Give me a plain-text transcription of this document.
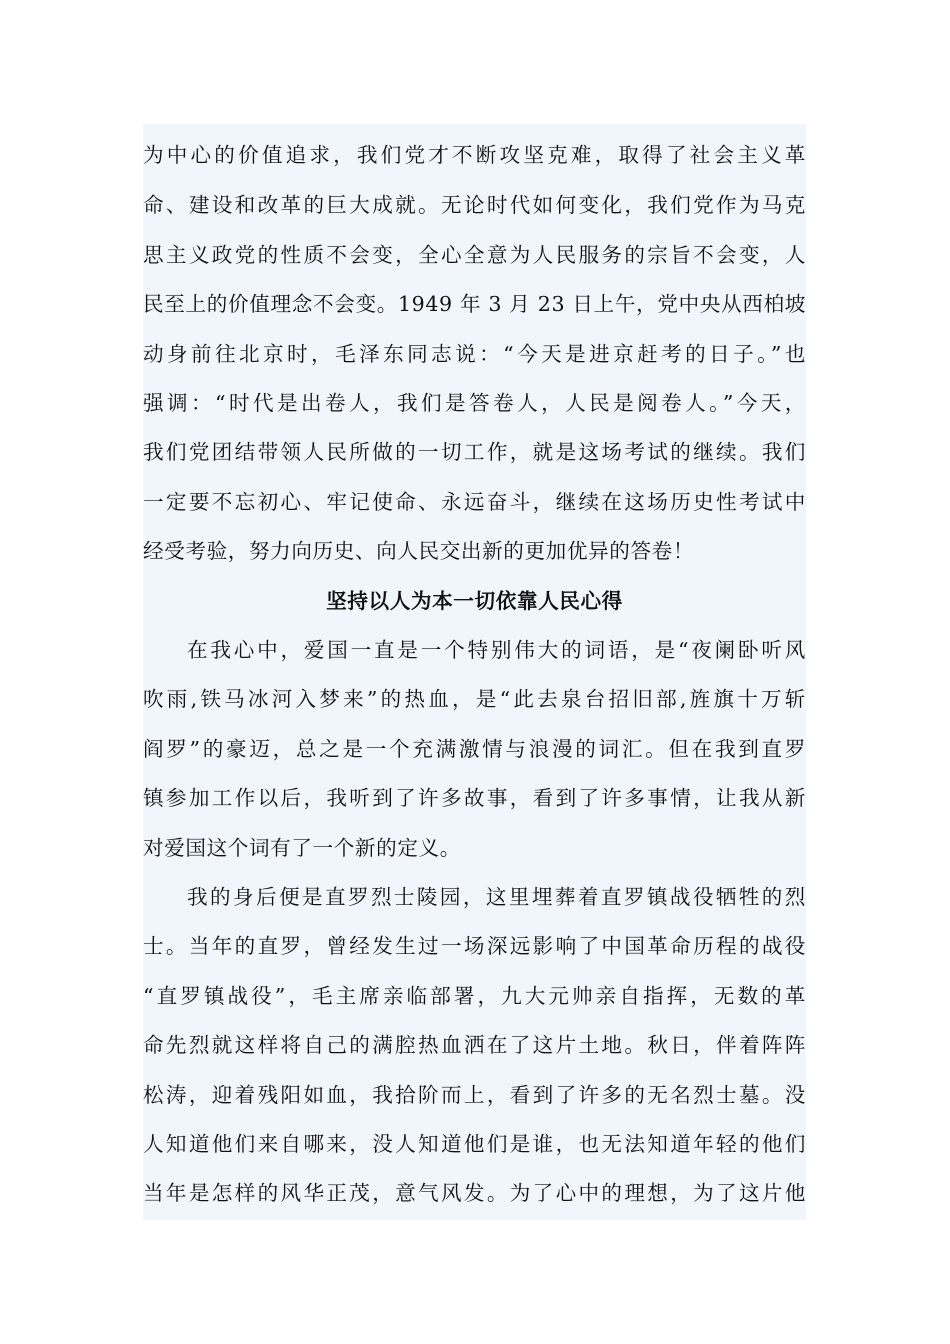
为中心的价值追求，我们党才不断攻坚克难，取得了社会主义革
命、建设和改革的巨大成就。无论时代如何变化，我们党作为马克
思主义政党的性质不会变，全心全意为人民服务的宗旨不会变，人
民至上的价值理念不会变。1949 年 3 月 23 日上午，党中央从西柏坡
动身前往北京时，毛泽东同志说：“今天是进京赶考的日子。”也
强调：“时代是出卷人，我们是答卷人，人民是阅卷人。”今天，
我们党团结带领人民所做的一切工作，就是这场考试的继续。我们
一定要不忘初心、牢记使命、永远奋斗，继续在这场历史性考试中
经受考验，努力向历史、向人民交出新的更加优异的答卷！
坚持以人为本一切依靠人民心得
在我心中，爱国一直是一个特别伟大的词语，是“夜阑卧听风
吹雨,铁马冰河入梦来”的热血，是“此去泉台招旧部,旌旗十万斩
阎罗”的豪迈，总之是一个充满激情与浪漫的词汇。但在我到直罗
镇参加工作以后，我听到了许多故事，看到了许多事情，让我从新
对爱国这个词有了一个新的定义。
我的身后便是直罗烈士陵园，这里埋葬着直罗镇战役牺牲的烈
士。当年的直罗，曾经发生过一场深远影响了中国革命历程的战役
“直罗镇战役”，毛主席亲临部署，九大元帅亲自指挥，无数的革
命先烈就这样将自己的满腔热血洒在了这片土地。秋日，伴着阵阵
松涛，迎着残阳如血，我拾阶而上，看到了许多的无名烈士墓。没
人知道他们来自哪来，没人知道他们是谁，也无法知道年轻的他们
当年是怎样的风华正茂，意气风发。为了心中的理想，为了这片他
